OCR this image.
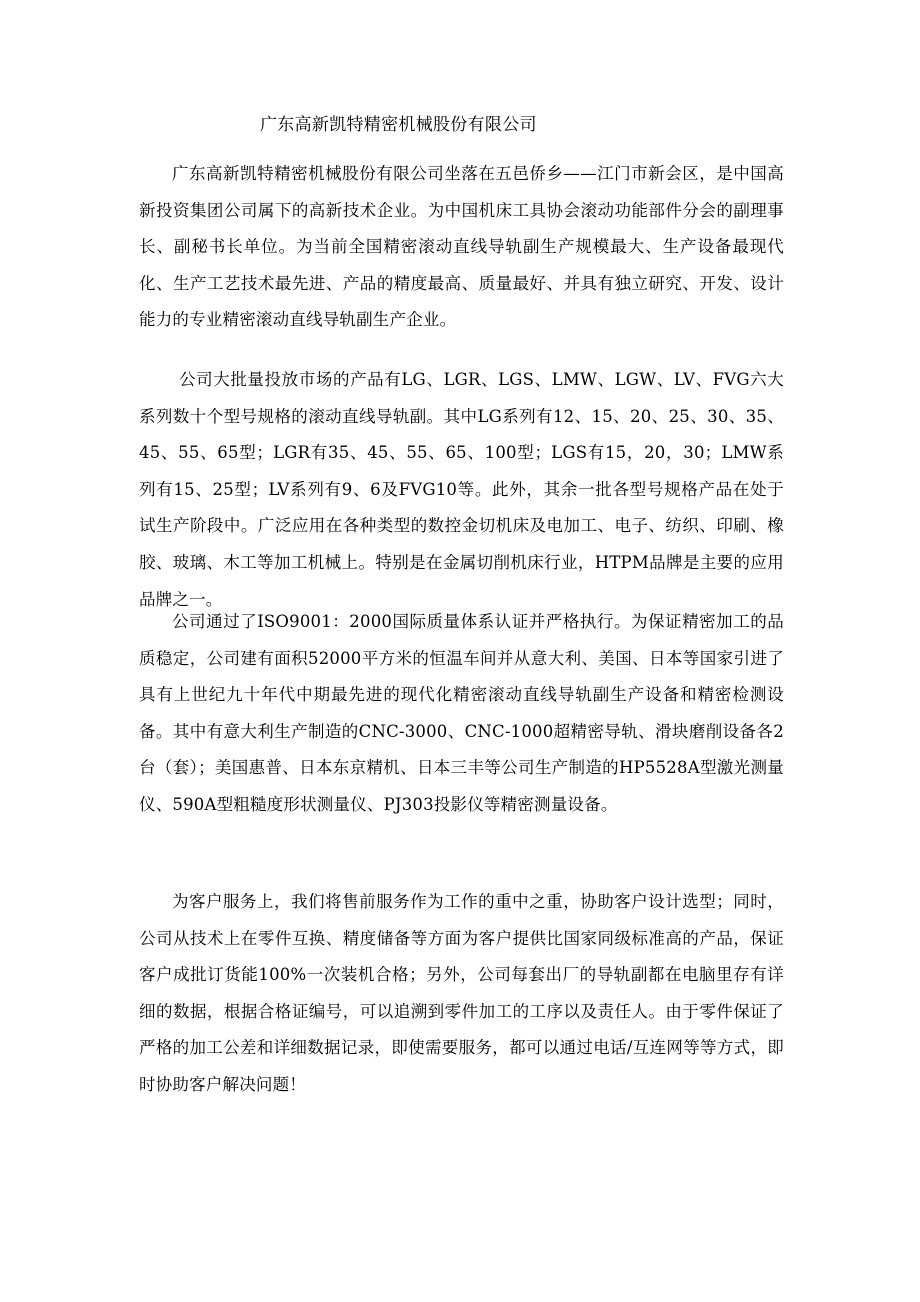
广东高新凯特精密机械股份有限公司

广东高新凯特精密机械股份有限公司坐落在五邑侨乡——江门市新会区，是中国高新投资集团公司属下的高新技术企业。为中国机床工具协会滚动功能部件分会的副理事长、副秘书长单位。为当前全国精密滚动直线导轨副生产规模最大、生产设备最现代化、生产工艺技术最先进、产品的精度最高、质量最好、并具有独立研究、开发、设计能力的专业精密滚动直线导轨副生产企业。

公司大批量投放市场的产品有LG、LGR、LGS、LMW、LGW、LV、FVG六大系列数十个型号规格的滚动直线导轨副。其中LG系列有12、15、20、25、30、35、45、55、65型；LGR有35、45、55、65、100型；LGS有15，20，30；LMW系列有15、25型；LV系列有9、6及FVG10等。此外，其余一批各型号规格产品在处于试生产阶段中。广泛应用在各种类型的数控金切机床及电加工、电子、纺织、印刷、橡胶、玻璃、木工等加工机械上。特别是在金属切削机床行业，HTPM品牌是主要的应用品牌之一。

公司通过了ISO9001：2000国际质量体系认证并严格执行。为保证精密加工的品质稳定，公司建有面积52000平方米的恒温车间并从意大利、美国、日本等国家引进了具有上世纪九十年代中期最先进的现代化精密滚动直线导轨副生产设备和精密检测设备。其中有意大利生产制造的CNC-3000、CNC-1000超精密导轨、滑块磨削设备各2台（套）；美国惠普、日本东京精机、日本三丰等公司生产制造的HP5528A型激光测量仪、590A型粗糙度形状测量仪、PJ303投影仪等精密测量设备。

为客户服务上，我们将售前服务作为工作的重中之重，协助客户设计选型；同时，公司从技术上在零件互换、精度储备等方面为客户提供比国家同级标准高的产品，保证客户成批订货能100%一次装机合格；另外，公司每套出厂的导轨副都在电脑里存有详细的数据，根据合格证编号，可以追溯到零件加工的工序以及责任人。由于零件保证了严格的加工公差和详细数据记录，即使需要服务，都可以通过电话/互连网等等方式，即时协助客户解决问题！
